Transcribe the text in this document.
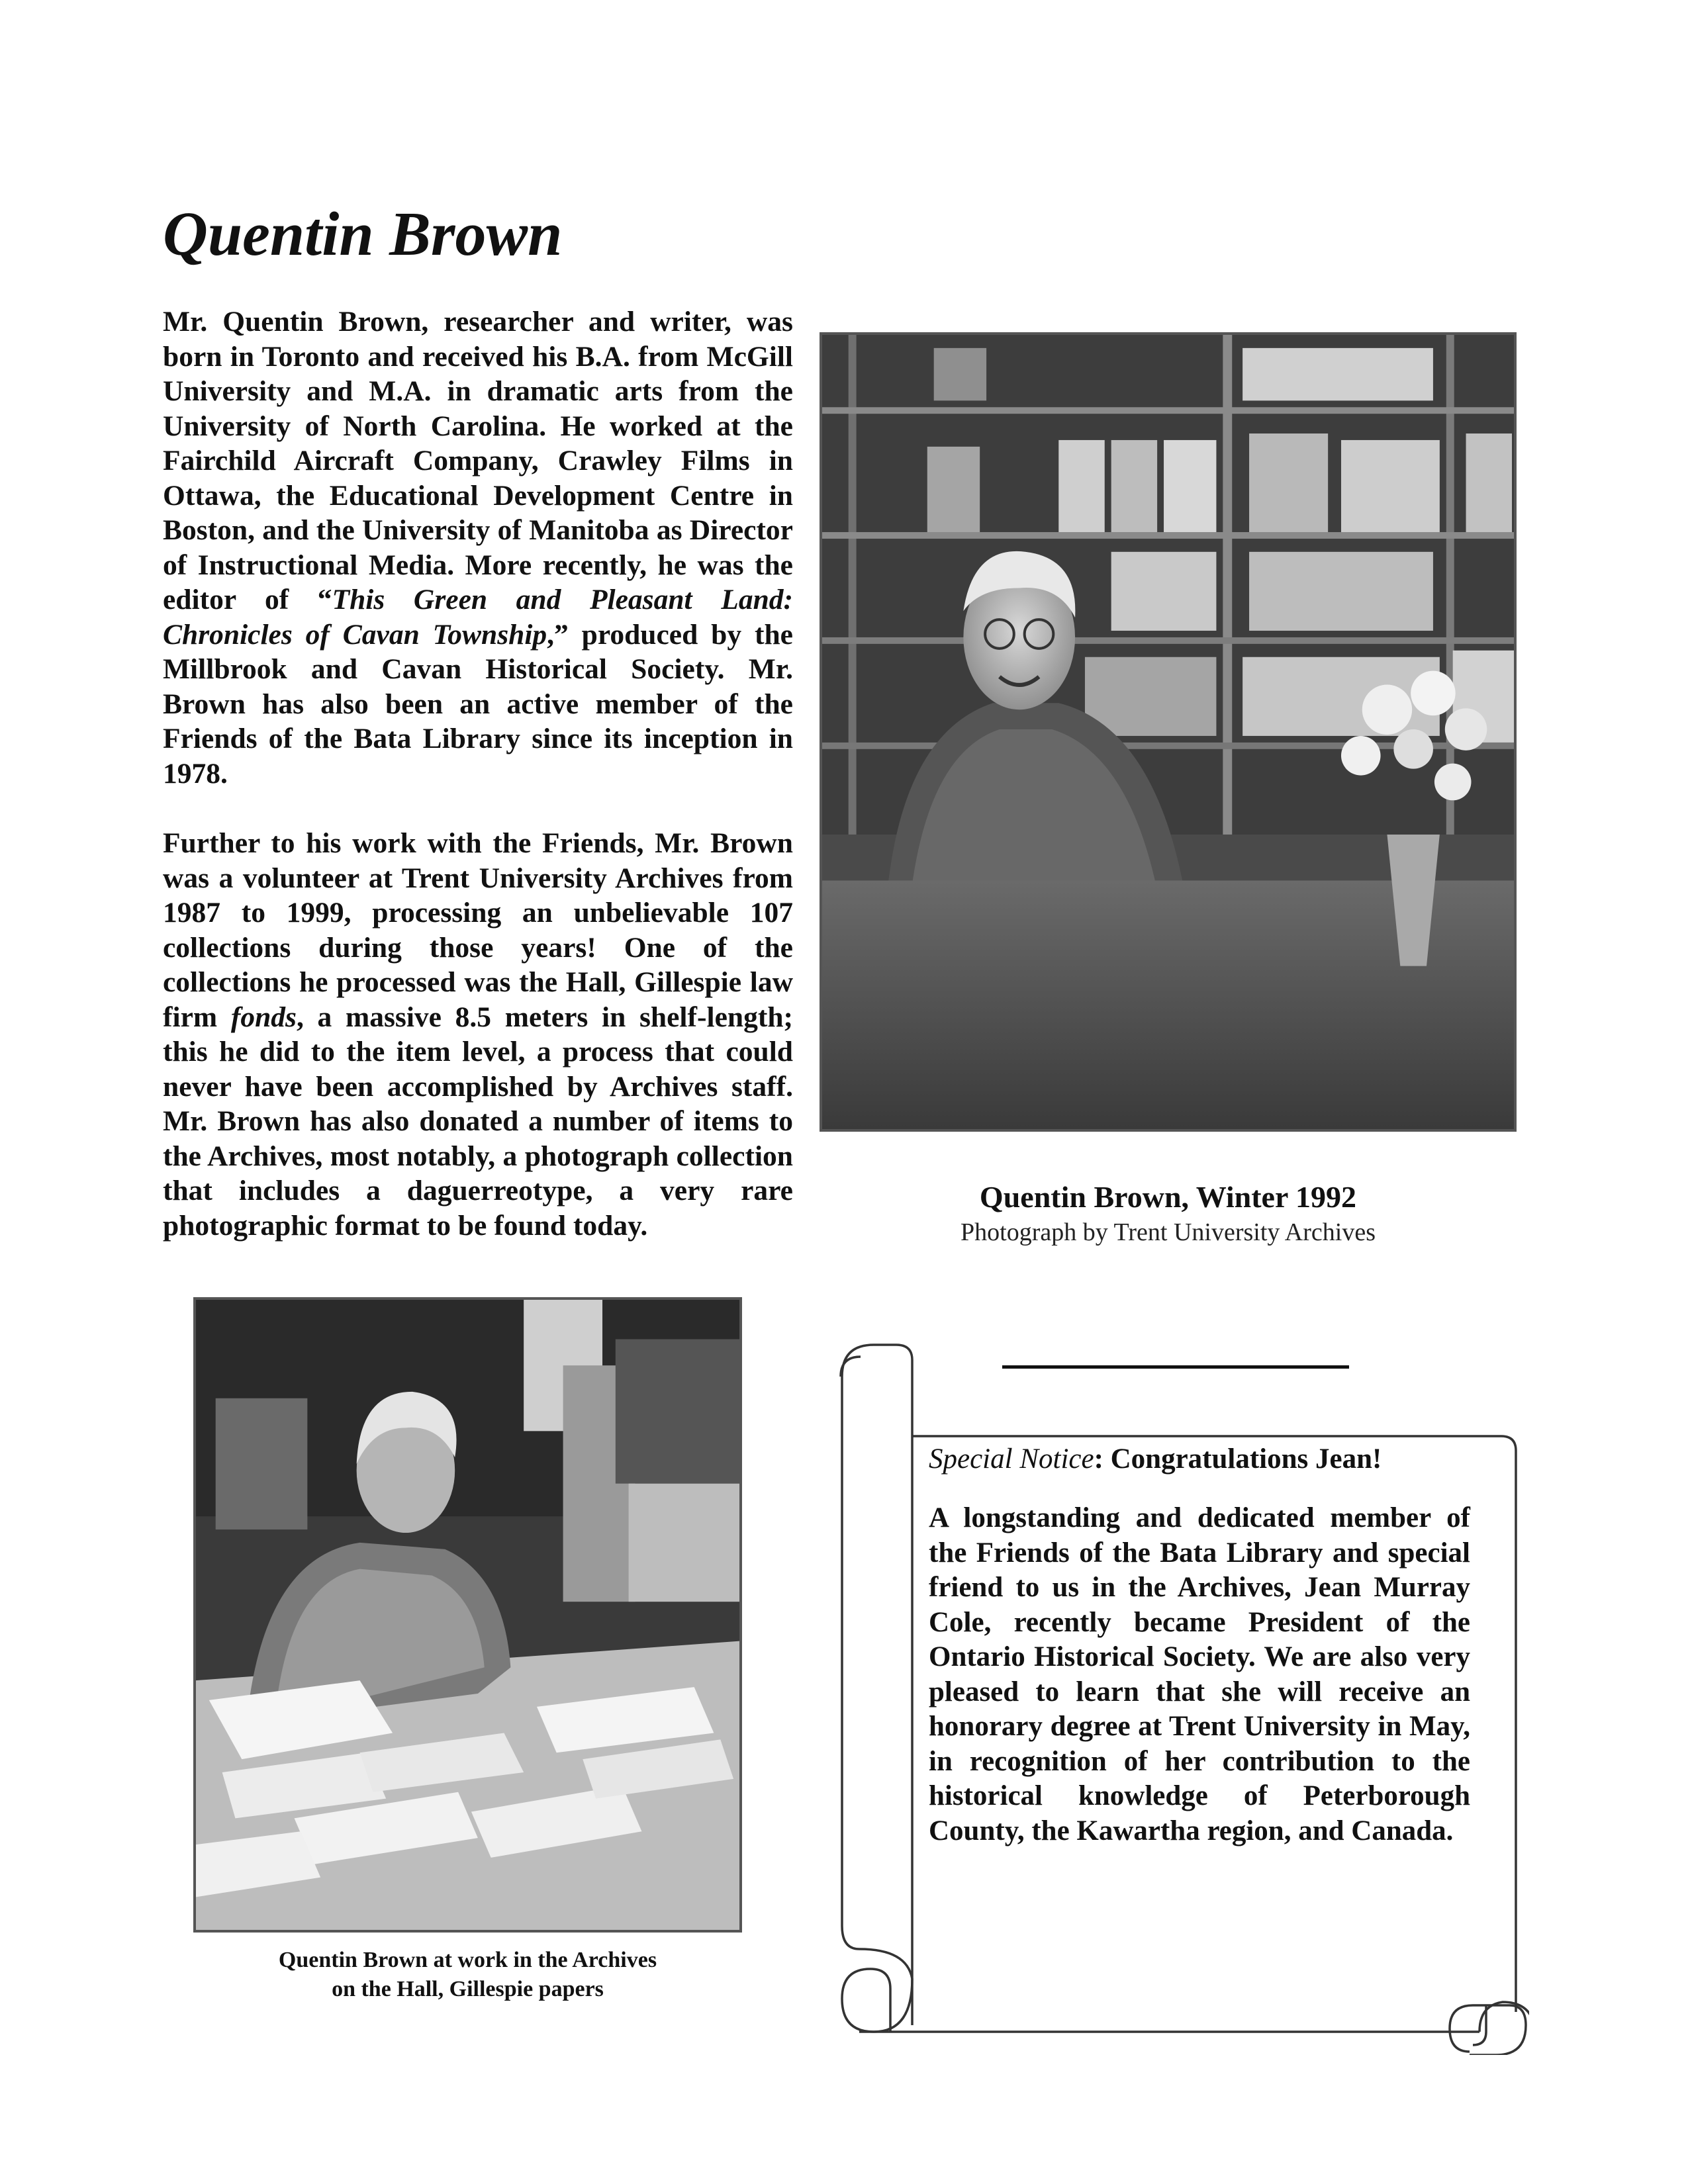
Quentin Brown

Mr. Quentin Brown, researcher and writer, was born in Toronto and received his B.A. from McGill University and M.A. in dramatic arts from the University of North Carolina. He worked at the Fairchild Aircraft Company, Crawley Films in Ottawa, the Educational Development Centre in Boston, and the University of Manitoba as Director of Instructional Media. More recently, he was the editor of “This Green and Pleasant Land: Chronicles of Cavan Township,” produced by the Millbrook and Cavan Historical Society. Mr. Brown has also been an active member of the Friends of the Bata Library since its inception in 1978.

Further to his work with the Friends, Mr. Brown was a volunteer at Trent University Archives from 1987 to 1999, processing an unbelievable 107 collections during those years! One of the collections he processed was the Hall, Gillespie law firm fonds, a massive 8.5 meters in shelf-length; this he did to the item level, a process that could never have been accomplished by Archives staff. Mr. Brown has also donated a number of items to the Archives, most notably, a photograph collection that includes a daguerreotype, a very rare photographic format to be found today.

Quentin Brown, Winter 1992

Photograph by Trent University Archives

Quentin Brown at work in the Archives
on the Hall, Gillespie papers

Special Notice: Congratulations Jean!

A longstanding and dedicated member of the Friends of the Bata Library and special friend to us in the Archives, Jean Murray Cole, recently became President of the Ontario Historical Society. We are also very pleased to learn that she will receive an honorary degree at Trent University in May, in recognition of her contribution to the historical knowledge of Peterborough County, the Kawartha region, and Canada.
